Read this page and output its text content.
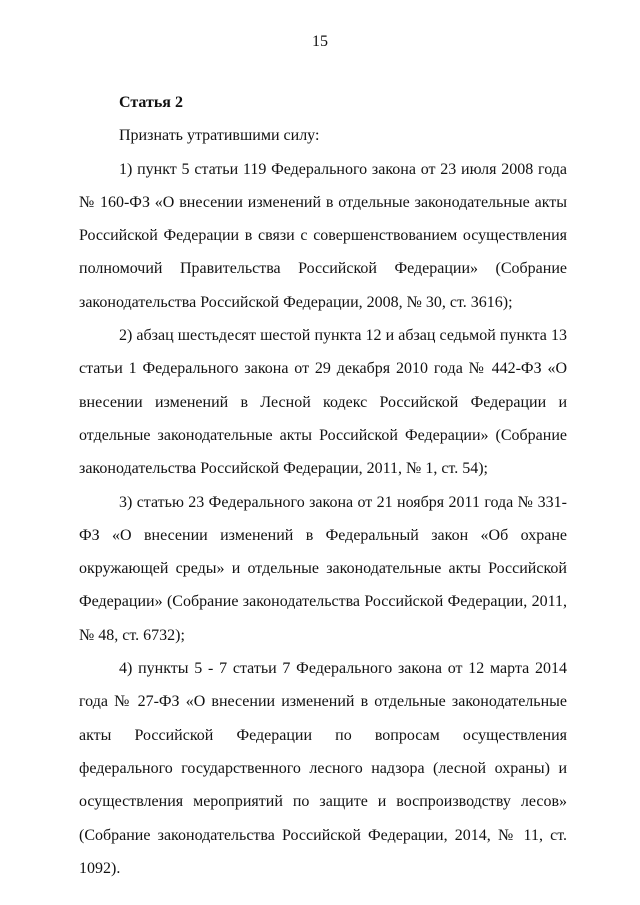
15

Статья 2

Признать утратившими силу:

1) пункт 5 статьи 119 Федерального закона от 23 июля 2008 года № 160-ФЗ «О внесении изменений в отдельные законодательные акты Российской Федерации в связи с совершенствованием осуществления полномочий Правительства Российской Федерации» (Собрание законодательства Российской Федерации, 2008, № 30, ст. 3616);

2) абзац шестьдесят шестой пункта 12 и абзац седьмой пункта 13 статьи 1 Федерального закона от 29 декабря 2010 года № 442-ФЗ «О внесении изменений в Лесной кодекс Российской Федерации и отдельные законодательные акты Российской Федерации» (Собрание законодательства Российской Федерации, 2011, № 1, ст. 54);

3) статью 23 Федерального закона от 21 ноября 2011 года № 331-ФЗ «О внесении изменений в Федеральный закон «Об охране окружающей среды» и отдельные законодательные акты Российской Федерации» (Собрание законодательства Российской Федерации, 2011, № 48, ст. 6732);

4) пункты 5 - 7 статьи 7 Федерального закона от 12 марта 2014 года № 27-ФЗ «О внесении изменений в отдельные законодательные акты Российской Федерации по вопросам осуществления федерального государственного лесного надзора (лесной охраны) и осуществления мероприятий по защите и воспроизводству лесов» (Собрание законодательства Российской Федерации, 2014, № 11, ст. 1092).
